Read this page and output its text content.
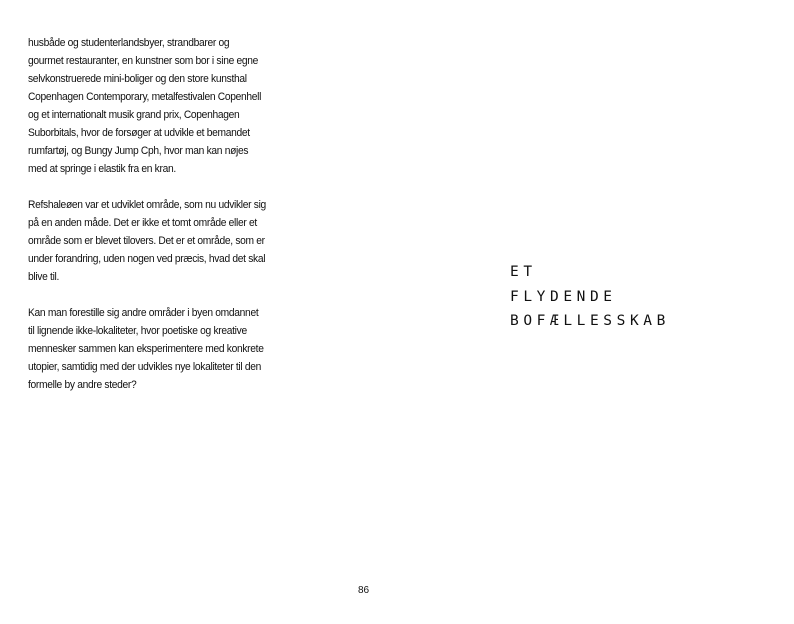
husbåde og studenterlandsbyer, strandbarer og
gourmet restauranter, en kunstner som bor i sine egne
selvkonstruerede mini-boliger og den store kunsthal
Copenhagen Contemporary, metalfestivalen Copenhell
og et internationalt musik grand prix, Copenhagen
Suborbitals, hvor de forsøger at udvikle et bemandet
rumfartøj, og Bungy Jump Cph, hvor man kan nøjes
med at springe i elastik fra en kran.

Refshaleøen var et udviklet område, som nu udvikler sig
på en anden måde. Det er ikke et tomt område eller et
område som er blevet tilovers. Det er et område, som er
under forandring, uden nogen ved præcis, hvad det skal
blive til.

Kan man forestille sig andre områder i byen omdannet
til lignende ikke-lokaliteter, hvor poetiske og kreative
mennesker sammen kan eksperimentere med konkrete
utopier, samtidig med der udvikles nye lokaliteter til den
formelle by andre steder?

ET
FLYDENDE
BOFÆLLESSKAB
86
